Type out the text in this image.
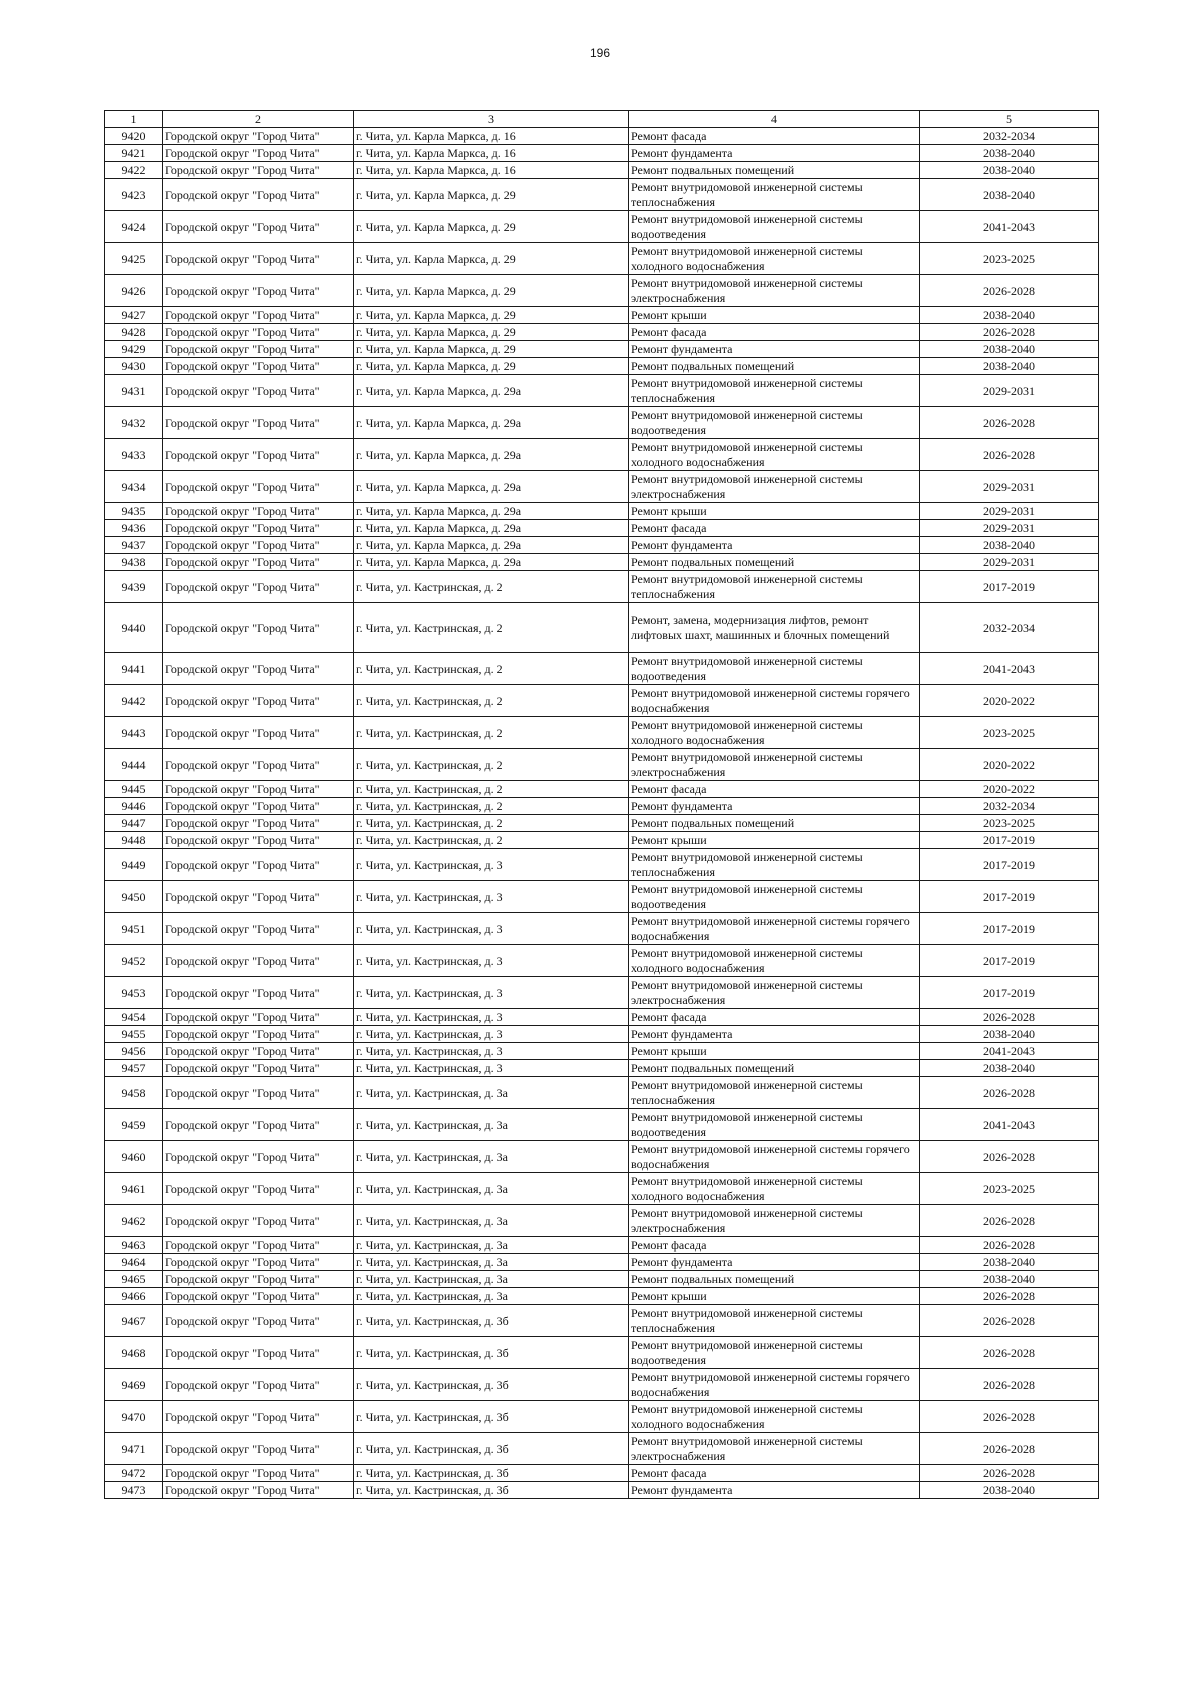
196
1	2	3	4	5
9420	Городской округ "Город Чита"	г. Чита, ул. Карла Маркса, д. 16	Ремонт фасада	2032-2034
9421	Городской округ "Город Чита"	г. Чита, ул. Карла Маркса, д. 16	Ремонт фундамента	2038-2040
9422	Городской округ "Город Чита"	г. Чита, ул. Карла Маркса, д. 16	Ремонт подвальных помещений	2038-2040
9423	Городской округ "Город Чита"	г. Чита, ул. Карла Маркса, д. 29	Ремонт внутридомовой инженерной системы теплоснабжения	2038-2040
9424	Городской округ "Город Чита"	г. Чита, ул. Карла Маркса, д. 29	Ремонт внутридомовой инженерной системы водоотведения	2041-2043
9425	Городской округ "Город Чита"	г. Чита, ул. Карла Маркса, д. 29	Ремонт внутридомовой инженерной системы холодного водоснабжения	2023-2025
9426	Городской округ "Город Чита"	г. Чита, ул. Карла Маркса, д. 29	Ремонт внутридомовой инженерной системы электроснабжения	2026-2028
9427	Городской округ "Город Чита"	г. Чита, ул. Карла Маркса, д. 29	Ремонт крыши	2038-2040
9428	Городской округ "Город Чита"	г. Чита, ул. Карла Маркса, д. 29	Ремонт фасада	2026-2028
9429	Городской округ "Город Чита"	г. Чита, ул. Карла Маркса, д. 29	Ремонт фундамента	2038-2040
9430	Городской округ "Город Чита"	г. Чита, ул. Карла Маркса, д. 29	Ремонт подвальных помещений	2038-2040
9431	Городской округ "Город Чита"	г. Чита, ул. Карла Маркса, д. 29а	Ремонт внутридомовой инженерной системы теплоснабжения	2029-2031
9432	Городской округ "Город Чита"	г. Чита, ул. Карла Маркса, д. 29а	Ремонт внутридомовой инженерной системы водоотведения	2026-2028
9433	Городской округ "Город Чита"	г. Чита, ул. Карла Маркса, д. 29а	Ремонт внутридомовой инженерной системы холодного водоснабжения	2026-2028
9434	Городской округ "Город Чита"	г. Чита, ул. Карла Маркса, д. 29а	Ремонт внутридомовой инженерной системы электроснабжения	2029-2031
9435	Городской округ "Город Чита"	г. Чита, ул. Карла Маркса, д. 29а	Ремонт крыши	2029-2031
9436	Городской округ "Город Чита"	г. Чита, ул. Карла Маркса, д. 29а	Ремонт фасада	2029-2031
9437	Городской округ "Город Чита"	г. Чита, ул. Карла Маркса, д. 29а	Ремонт фундамента	2038-2040
9438	Городской округ "Город Чита"	г. Чита, ул. Карла Маркса, д. 29а	Ремонт подвальных помещений	2029-2031
9439	Городской округ "Город Чита"	г. Чита, ул. Кастринская, д. 2	Ремонт внутридомовой инженерной системы теплоснабжения	2017-2019
9440	Городской округ "Город Чита"	г. Чита, ул. Кастринская, д. 2	Ремонт, замена, модернизация лифтов, ремонт лифтовых шахт, машинных и блочных помещений	2032-2034
9441	Городской округ "Город Чита"	г. Чита, ул. Кастринская, д. 2	Ремонт внутридомовой инженерной системы водоотведения	2041-2043
9442	Городской округ "Город Чита"	г. Чита, ул. Кастринская, д. 2	Ремонт внутридомовой инженерной системы горячего водоснабжения	2020-2022
9443	Городской округ "Город Чита"	г. Чита, ул. Кастринская, д. 2	Ремонт внутридомовой инженерной системы холодного водоснабжения	2023-2025
9444	Городской округ "Город Чита"	г. Чита, ул. Кастринская, д. 2	Ремонт внутридомовой инженерной системы электроснабжения	2020-2022
9445	Городской округ "Город Чита"	г. Чита, ул. Кастринская, д. 2	Ремонт фасада	2020-2022
9446	Городской округ "Город Чита"	г. Чита, ул. Кастринская, д. 2	Ремонт фундамента	2032-2034
9447	Городской округ "Город Чита"	г. Чита, ул. Кастринская, д. 2	Ремонт подвальных помещений	2023-2025
9448	Городской округ "Город Чита"	г. Чита, ул. Кастринская, д. 2	Ремонт крыши	2017-2019
9449	Городской округ "Город Чита"	г. Чита, ул. Кастринская, д. 3	Ремонт внутридомовой инженерной системы теплоснабжения	2017-2019
9450	Городской округ "Город Чита"	г. Чита, ул. Кастринская, д. 3	Ремонт внутридомовой инженерной системы водоотведения	2017-2019
9451	Городской округ "Город Чита"	г. Чита, ул. Кастринская, д. 3	Ремонт внутридомовой инженерной системы горячего водоснабжения	2017-2019
9452	Городской округ "Город Чита"	г. Чита, ул. Кастринская, д. 3	Ремонт внутридомовой инженерной системы холодного водоснабжения	2017-2019
9453	Городской округ "Город Чита"	г. Чита, ул. Кастринская, д. 3	Ремонт внутридомовой инженерной системы электроснабжения	2017-2019
9454	Городской округ "Город Чита"	г. Чита, ул. Кастринская, д. 3	Ремонт фасада	2026-2028
9455	Городской округ "Город Чита"	г. Чита, ул. Кастринская, д. 3	Ремонт фундамента	2038-2040
9456	Городской округ "Город Чита"	г. Чита, ул. Кастринская, д. 3	Ремонт крыши	2041-2043
9457	Городской округ "Город Чита"	г. Чита, ул. Кастринская, д. 3	Ремонт подвальных помещений	2038-2040
9458	Городской округ "Город Чита"	г. Чита, ул. Кастринская, д. 3а	Ремонт внутридомовой инженерной системы теплоснабжения	2026-2028
9459	Городской округ "Город Чита"	г. Чита, ул. Кастринская, д. 3а	Ремонт внутридомовой инженерной системы водоотведения	2041-2043
9460	Городской округ "Город Чита"	г. Чита, ул. Кастринская, д. 3а	Ремонт внутридомовой инженерной системы горячего водоснабжения	2026-2028
9461	Городской округ "Город Чита"	г. Чита, ул. Кастринская, д. 3а	Ремонт внутридомовой инженерной системы холодного водоснабжения	2023-2025
9462	Городской округ "Город Чита"	г. Чита, ул. Кастринская, д. 3а	Ремонт внутридомовой инженерной системы электроснабжения	2026-2028
9463	Городской округ "Город Чита"	г. Чита, ул. Кастринская, д. 3а	Ремонт фасада	2026-2028
9464	Городской округ "Город Чита"	г. Чита, ул. Кастринская, д. 3а	Ремонт фундамента	2038-2040
9465	Городской округ "Город Чита"	г. Чита, ул. Кастринская, д. 3а	Ремонт подвальных помещений	2038-2040
9466	Городской округ "Город Чита"	г. Чита, ул. Кастринская, д. 3а	Ремонт крыши	2026-2028
9467	Городской округ "Город Чита"	г. Чита, ул. Кастринская, д. 3б	Ремонт внутридомовой инженерной системы теплоснабжения	2026-2028
9468	Городской округ "Город Чита"	г. Чита, ул. Кастринская, д. 3б	Ремонт внутридомовой инженерной системы водоотведения	2026-2028
9469	Городской округ "Город Чита"	г. Чита, ул. Кастринская, д. 3б	Ремонт внутридомовой инженерной системы горячего водоснабжения	2026-2028
9470	Городской округ "Город Чита"	г. Чита, ул. Кастринская, д. 3б	Ремонт внутридомовой инженерной системы холодного водоснабжения	2026-2028
9471	Городской округ "Город Чита"	г. Чита, ул. Кастринская, д. 3б	Ремонт внутридомовой инженерной системы электроснабжения	2026-2028
9472	Городской округ "Город Чита"	г. Чита, ул. Кастринская, д. 3б	Ремонт фасада	2026-2028
9473	Городской округ "Город Чита"	г. Чита, ул. Кастринская, д. 3б	Ремонт фундамента	2038-2040
